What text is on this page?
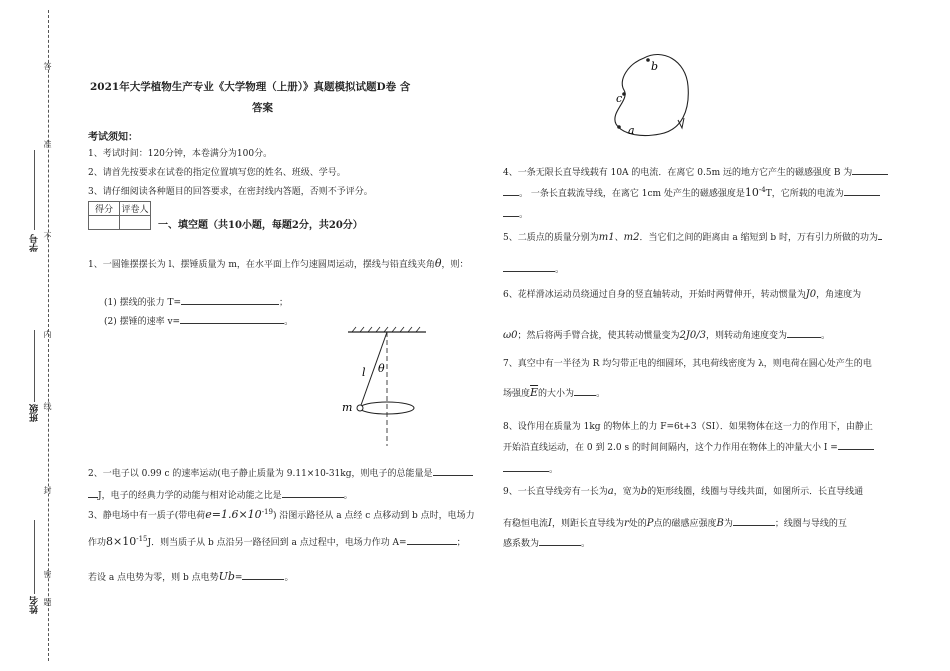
答
准
不
内
线
封
密
题
学号
班级
姓名
2021年大学植物生产专业《大学物理（上册）》真题模拟试题D卷 含
答案
考试须知：
1、考试时间：120分钟，本卷满分为100分。
2、请首先按要求在试卷的指定位置填写您的姓名、班级、学号。
3、请仔细阅读各种题目的回答要求，在密封线内答题，否则不予评分。
得分	评卷人

一、填空题（共10小题，每题2分，共20分）
1、一圆锥摆摆长为 l、摆锤质量为 m，在水平面上作匀速圆周运动，摆线与铅直线夹角θ，则：
(1) 摆线的张力 T=	；
(2) 摆锤的速率 v=	。
l θ
m
2、一电子以 0.99 c 的速率运动(电子静止质量为 9.11×10-31kg，则电子的总能量是
J，电子的经典力学的动能与相对论动能之比是	。
3、静电场中有一质子(带电荷$e=1.6\times 10^{-19}$) 沿图示路径从 a 点经 c 点移动到 b 点时，电场力
作功$8\times 10^{-15}J$．则当质子从 b 点沿另一路径回到 a 点过程中，电场力作功 A=	；
若设 a 点电势为零，则 b 点电势Ub=	。
b
c
a
4、一条无限长直导线载有 10A 的电流．在离它 0.5m 远的地方它产生的磁感强度 B 为
。 一条长直载流导线，在离它 1cm 处产生的磁感强度是$10^{-4}T$，它所载的电流为
。
5、二质点的质量分别为m1、m2．当它们之间的距离由 a 缩短到 b 时，万有引力所做的功为
。
6、花样滑冰运动员绕通过自身的竖直轴转动，开始时两臂伸开，转动惯量为J0，角速度为
ω0；然后将两手臂合拢，使其转动惯量变为2J0/3，则转动角速度变为	。
7、真空中有一半径为 R 均匀带正电的细圆环，其电荷线密度为 λ，则电荷在圆心处产生的电
场强度$\overline{E}$的大小为 。
8、设作用在质量为 1kg 的物体上的力 F=6t+3（SI）．如果物体在这一力的作用下，由静止
开始沿直线运动，在 0 到 2.0 s 的时间间隔内，这个力作用在物体上的冲量大小 I =
。
9、一长直导线旁有一长为a，宽为b的矩形线圈，线圈与导线共面，如图所示．长直导线通
有稳恒电流I，则距长直导线为r处的P点的磁感应强度B为	；线圈与导线的互
感系数为	。
